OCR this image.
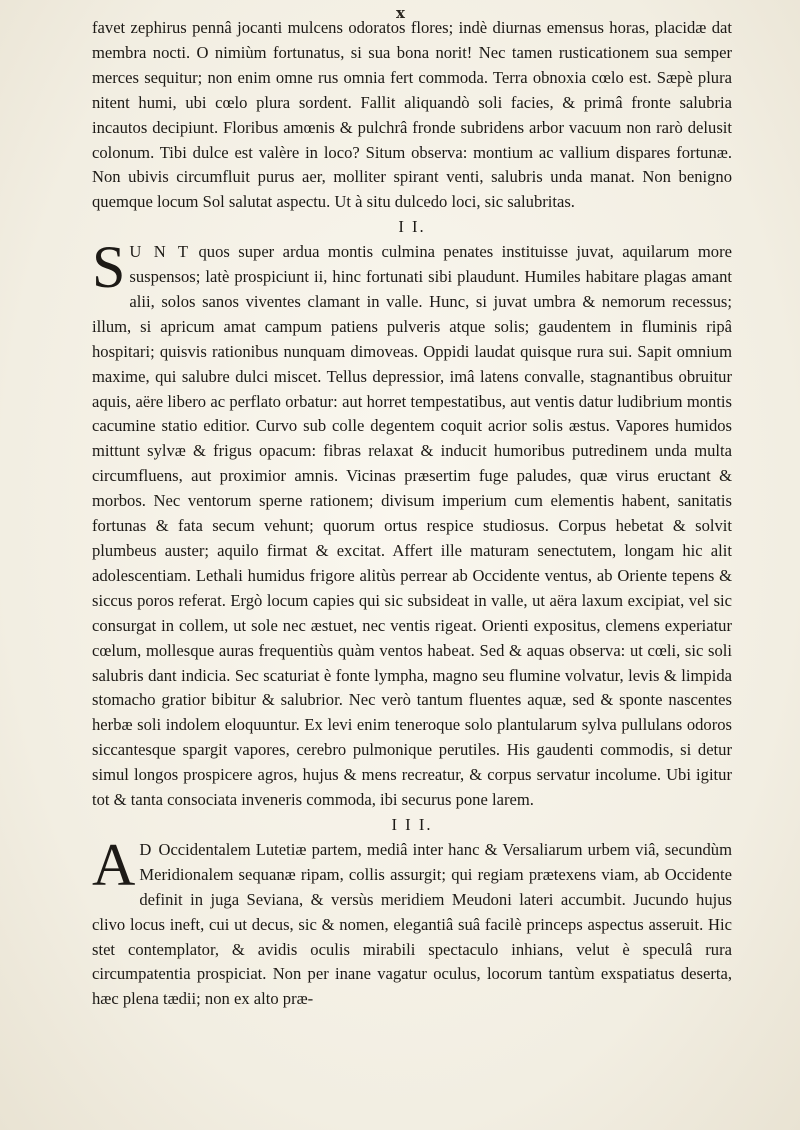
x

favet zephirus pennâ jocanti mulcens odoratos flores; indè diurnas emensus horas, placidæ dat membra nocti. O nimiùm fortunatus, si sua bona norit! Nec tamen rusticationem sua semper merces sequitur; non enim omne rus omnia fert commoda. Terra obnoxia cœlo est. Sæpè plura nitent humi, ubi cœlo plura sordent. Fallit aliquandò soli facies, & primâ fronte salubria incautos decipiunt. Floribus amœnis & pulchrâ fronde subridens arbor vacuum non rarò delusit colonum. Tibi dulce est valère in loco? Situm observa: montium ac vallium dispares fortunæ. Non ubivis circumfluit purus aer, molliter spirant venti, salubris unda manat. Non benigno quemque locum Sol salutat aspectu. Ut à situ dulcedo loci, sic salubritas.

I I.

S U N T quos super ardua montis culmina penates instituisse juvat, aquilarum more suspensos; latè prospiciunt ii, hinc fortunati sibi plaudunt. Humiles habitare plagas amant alii, solos sanos viventes clamant in valle. Hunc, si juvat umbra & nemorum recessus; illum, si apricum amat campum patiens pulveris atque solis; gaudentem in fluminis ripâ hospitari; quisvis rationibus nunquam dimoveas. Oppidi laudat quisque rura sui. Sapit omnium maxime, qui salubre dulci miscet. Tellus depressior, imâ latens convalle, stagnantibus obruitur aquis, aëre libero ac perflato orbatur: aut horret tempestatibus, aut ventis datur ludibrium montis cacumine statio editior. Curvo sub colle degentem coquit acrior solis æstus. Vapores humidos mittunt sylvæ & frigus opacum: fibras relaxat & inducit humoribus putredinem unda multa circumfluens, aut proximior amnis. Vicinas præsertim fuge paludes, quæ virus eructant & morbos. Nec ventorum sperne rationem; divisum imperium cum elementis habent, sanitatis fortunas & fata secum vehunt; quorum ortus respice studiosus. Corpus hebetat & solvit plumbeus auster; aquilo firmat & excitat. Affert ille maturam senectutem, longam hic alit adolescentiam. Lethali humidus frigore alitùs perrear ab Occidente ventus, ab Oriente tepens & siccus poros referat. Ergò locum capies qui sic subsideat in valle, ut aëra laxum excipiat, vel sic consurgat in collem, ut sole nec æstuet, nec ventis rigeat. Orienti expositus, clemens experiatur cœlum, mollesque auras frequentiùs quàm ventos habeat. Sed & aquas observa: ut cœli, sic soli salubris dant indicia. Sec scaturiat è fonte lympha, magno seu flumine volvatur, levis & limpida stomacho gratior bibitur & salubrior. Nec verò tantum fluentes aquæ, sed & sponte nascentes herbæ soli indolem eloquuntur. Ex levi enim teneroque solo plantularum sylva pullulans odoros siccantesque spargit vapores, cerebro pulmonique perutiles. His gaudenti commodis, si detur simul longos prospicere agros, hujus & mens recreatur, & corpus servatur incolume. Ubi igitur tot & tanta consociata inveneris commoda, ibi securus pone larem.

I I I.

A D Occidentalem Lutetiæ partem, mediâ inter hanc & Versaliarum urbem viâ, secundùm Meridionalem sequanæ ripam, collis assurgit; qui regiam prætexens viam, ab Occidente definit in juga Seviana, & versùs meridiem Meudoni lateri accumbit. Jucundo hujus clivo locus ineft, cui ut decus, sic & nomen, elegantiâ suâ facilè princeps aspectus asseruit. Hic stet contemplator, & avidis oculis mirabili spectaculo inhians, velut è speculâ rura circumpatentia prospiciat. Non per inane vagatur oculus, locorum tantùm exspatiatus deserta, hæc plena tædii; non ex alto præ-
